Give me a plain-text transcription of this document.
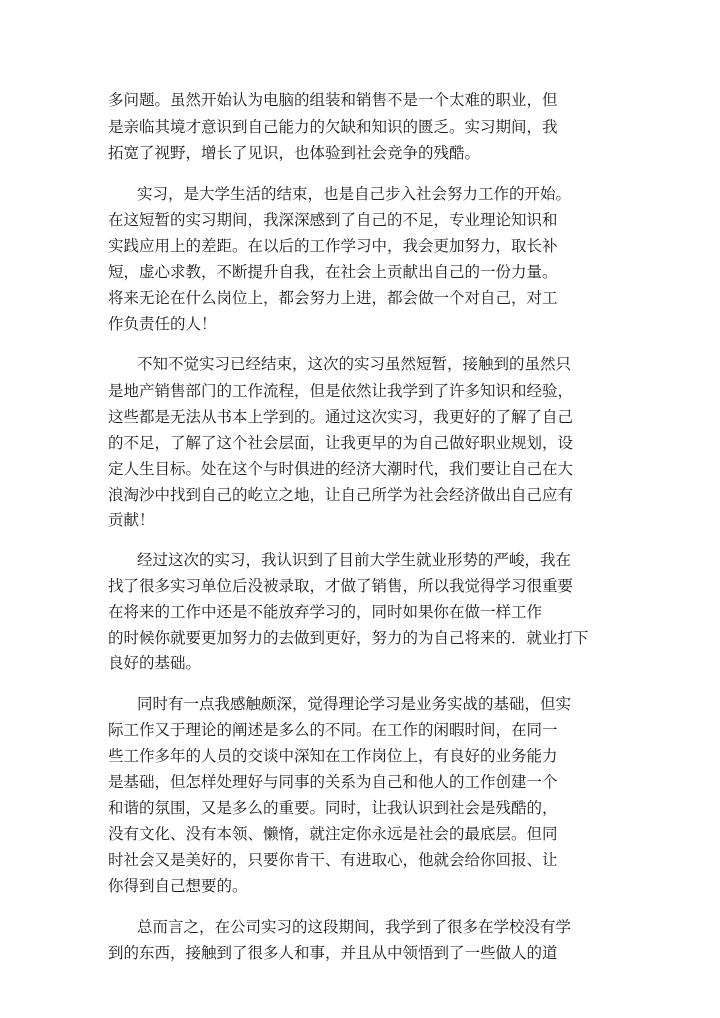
多问题。虽然开始认为电脑的组装和销售不是一个太难的职业，但
是亲临其境才意识到自己能力的欠缺和知识的匮乏。实习期间，我
拓宽了视野，增长了见识，也体验到社会竞争的残酷。
实习，是大学生活的结束，也是自己步入社会努力工作的开始。
在这短暂的实习期间，我深深感到了自己的不足，专业理论知识和
实践应用上的差距。在以后的工作学习中，我会更加努力，取长补
短，虚心求教，不断提升自我，在社会上贡献出自己的一份力量。
将来无论在什么岗位上，都会努力上进，都会做一个对自己，对工
作负责任的人！
不知不觉实习已经结束，这次的实习虽然短暂，接触到的虽然只
是地产销售部门的工作流程，但是依然让我学到了许多知识和经验，
这些都是无法从书本上学到的。通过这次实习，我更好的了解了自己
的不足，了解了这个社会层面，让我更早的为自己做好职业规划，设
定人生目标。处在这个与时俱进的经济大潮时代，我们要让自己在大
浪淘沙中找到自己的屹立之地，让自己所学为社会经济做出自己应有
贡献！
经过这次的实习，我认识到了目前大学生就业形势的严峻，我在
找了很多实习单位后没被录取，才做了销售，所以我觉得学习很重要
在将来的工作中还是不能放弃学习的，同时如果你在做一样工作
的时候你就要更加努力的去做到更好，努力的为自己将来的．就业打下
良好的基础。
同时有一点我感触颇深，觉得理论学习是业务实战的基础，但实
际工作又于理论的阐述是多么的不同。在工作的闲暇时间，在同一
些工作多年的人员的交谈中深知在工作岗位上，有良好的业务能力
是基础，但怎样处理好与同事的关系为自己和他人的工作创建一个
和谐的氛围，又是多么的重要。同时，让我认识到社会是残酷的，
没有文化、没有本领、懒惰，就注定你永远是社会的最底层。但同
时社会又是美好的，只要你肯干、有进取心，他就会给你回报、让
你得到自己想要的。
总而言之，在公司实习的这段期间，我学到了很多在学校没有学
到的东西，接触到了很多人和事，并且从中领悟到了一些做人的道
